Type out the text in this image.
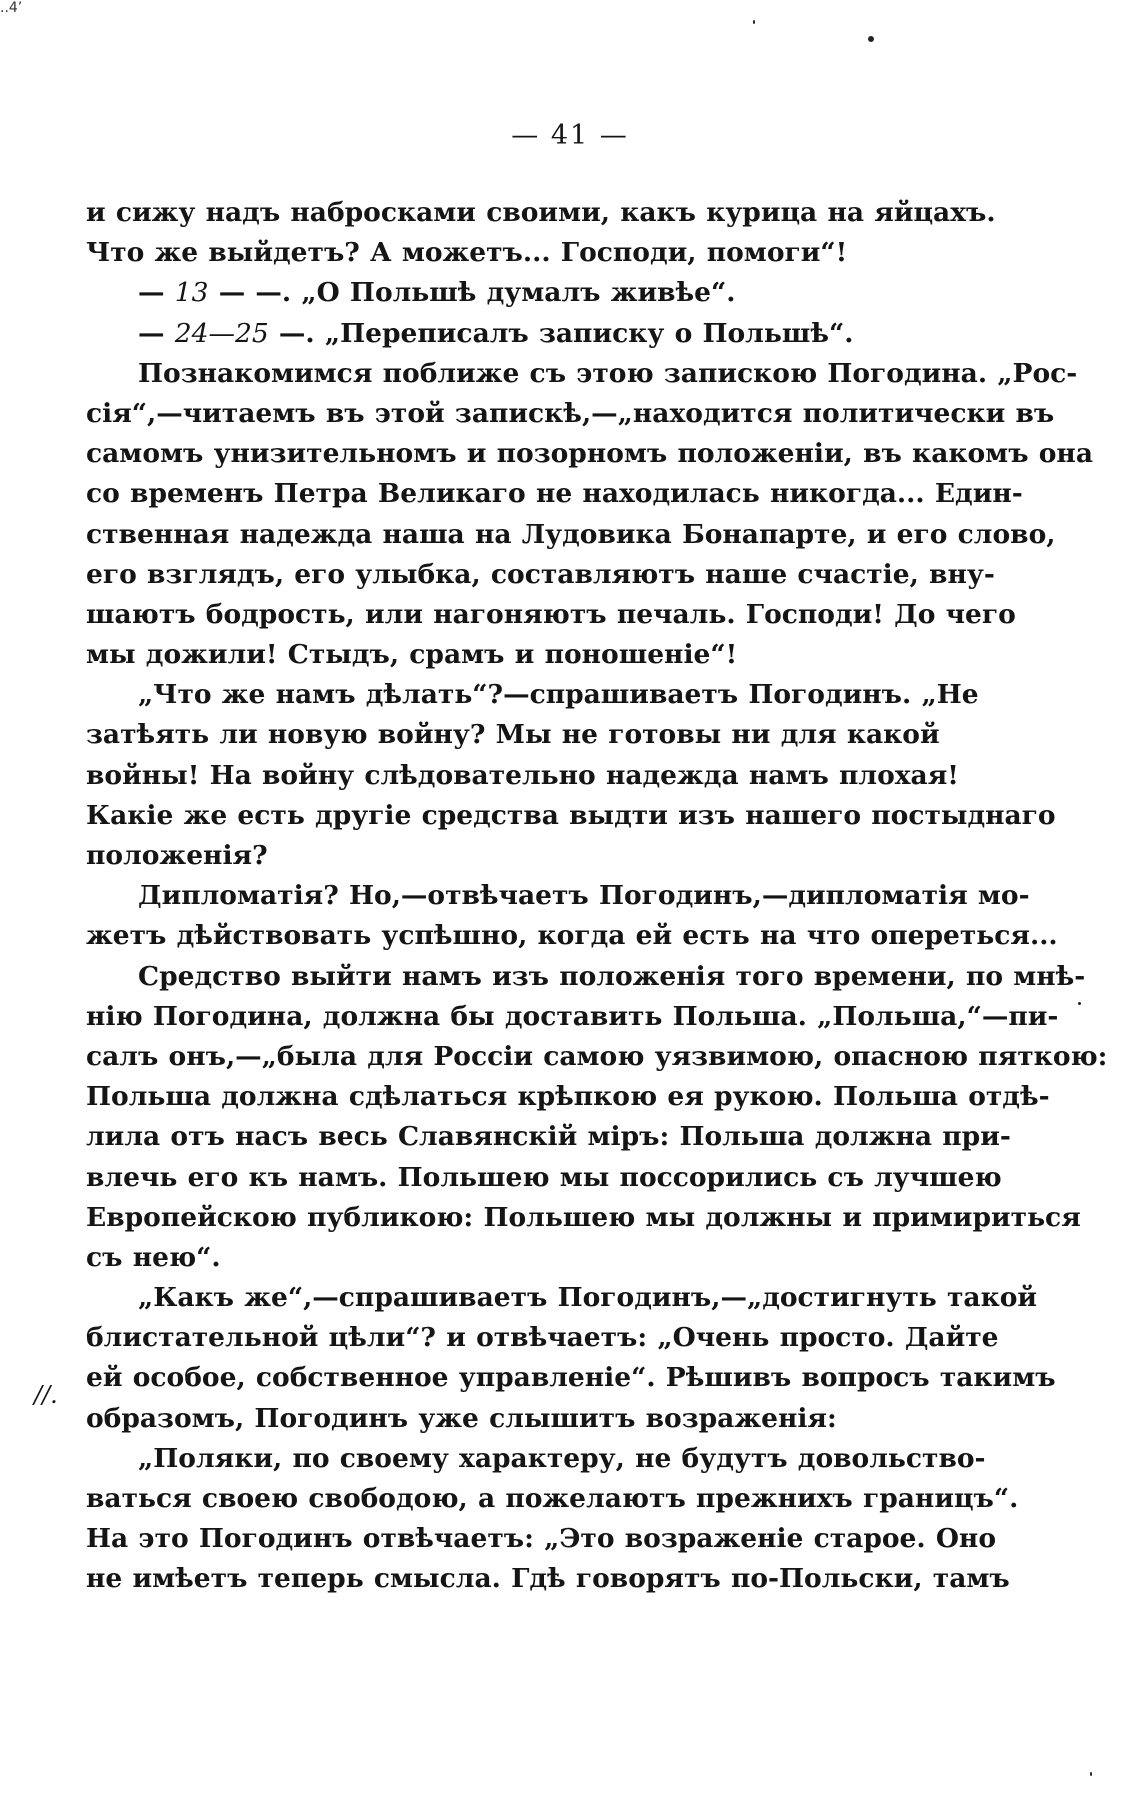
..4’
— 41 —
//.
и сижу надъ набросками своими, какъ курица на яйцахъ.
Что же выйдетъ? А можетъ... Господи, помоги“!
— 13 — —. „О Польшѣ думалъ живѣе“.
— 24—25 —. „Переписалъ записку о Польшѣ“.
Познакомимся поближе съ этою запискою Погодина. „Рос-
сія“,—читаемъ въ этой запискѣ,—„находится политически въ
самомъ унизительномъ и позорномъ положеніи, въ какомъ она
со временъ Петра Великаго не находилась никогда... Един-
ственная надежда наша на Лудовика Бонапарте, и его слово,
его взглядъ, его улыбка, составляютъ наше счастіе, вну-
шаютъ бодрость, или нагоняютъ печаль. Господи! До чего
мы дожили! Стыдъ, срамъ и поношеніе“!
„Что же намъ дѣлать“?—спрашиваетъ Погодинъ. „Не
затѣять ли новую войну? Мы не готовы ни для какой
войны! На войну слѣдовательно надежда намъ плохая!
Какіе же есть другіе средства выдти изъ нашего постыднаго
положенія?
Дипломатія? Но,—отвѣчаетъ Погодинъ,—дипломатія мо-
жетъ дѣйствовать успѣшно, когда ей есть на что опереться...
Средство выйти намъ изъ положенія того времени, по мнѣ-
нію Погодина, должна бы доставить Польша. „Польша,“—пи-
салъ онъ,—„была для Россіи самою уязвимою, опасною пяткою:
Польша должна сдѣлаться крѣпкою ея рукою. Польша отдѣ-
лила отъ насъ весь Славянскій міръ: Польша должна при-
влечь его къ намъ. Польшею мы поссорились съ лучшею
Европейскою публикою: Польшею мы должны и примириться
съ нею“.
„Какъ же“,—спрашиваетъ Погодинъ,—„достигнуть такой
блистательной цѣли“? и отвѣчаетъ: „Очень просто. Дайте
ей особое, собственное управленіе“. Рѣшивъ вопросъ такимъ
образомъ, Погодинъ уже слышитъ возраженія:
„Поляки, по своему характеру, не будутъ довольство-
ваться своею свободою, а пожелаютъ прежнихъ границъ“.
На это Погодинъ отвѣчаетъ: „Это возраженіе старое. Оно
не имѣетъ теперь смысла. Гдѣ говорятъ по-Польски, тамъ
